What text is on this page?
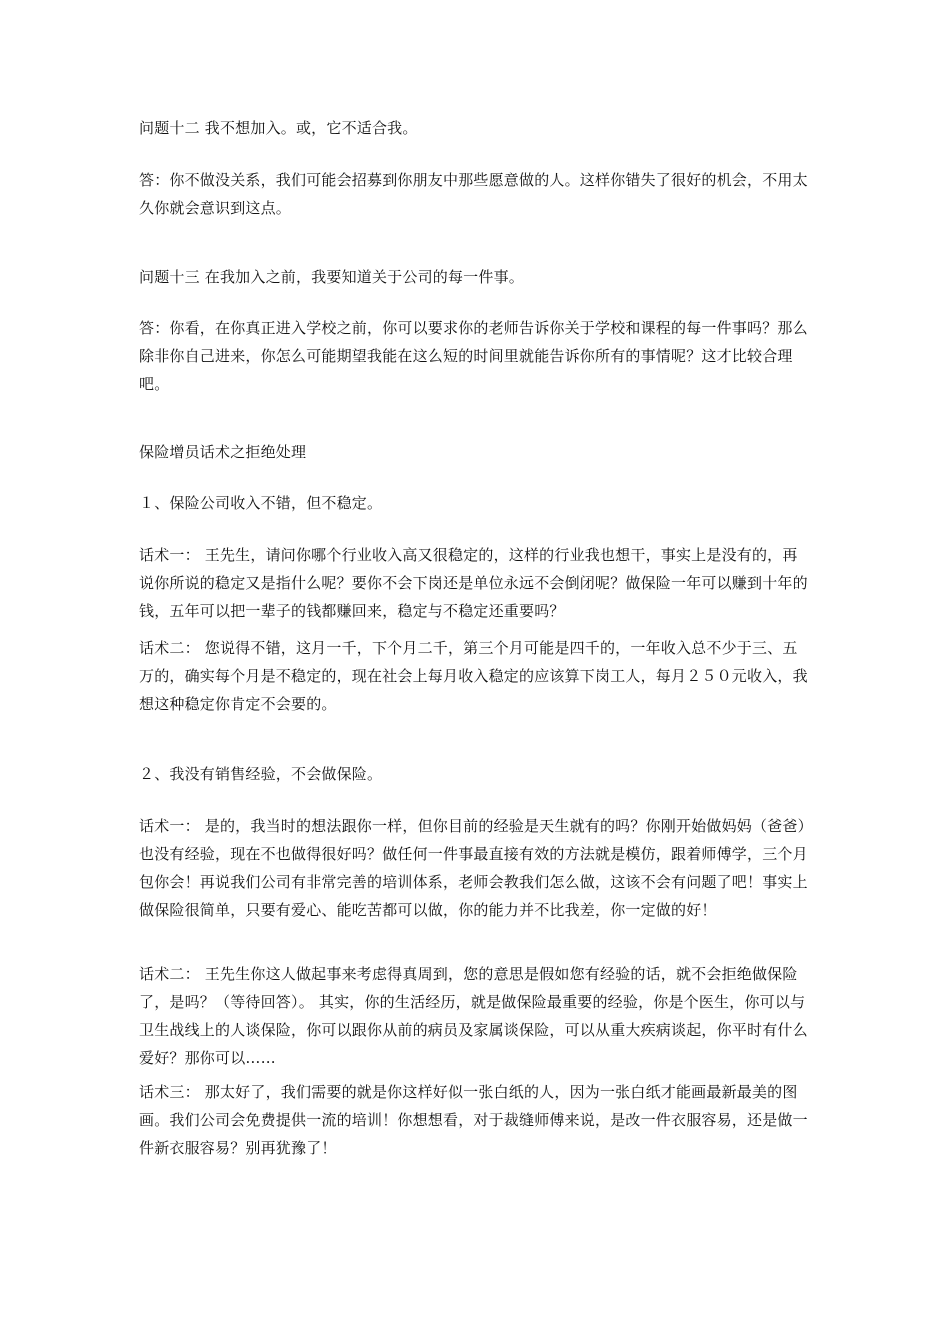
问题十二 我不想加入。或，它不适合我。
答：你不做没关系，我们可能会招募到你朋友中那些愿意做的人。这样你错失了很好的机会，不用太久你就会意识到这点。
问题十三 在我加入之前，我要知道关于公司的每一件事。
答：你看，在你真正进入学校之前，你可以要求你的老师告诉你关于学校和课程的每一件事吗？那么除非你自己进来，你怎么可能期望我能在这么短的时间里就能告诉你所有的事情呢？这才比较合理吧。
保险增员话术之拒绝处理
１、保险公司收入不错，但不稳定。
话术一： 王先生，请问你哪个行业收入高又很稳定的，这样的行业我也想干，事实上是没有的，再说你所说的稳定又是指什么呢？要你不会下岗还是单位永远不会倒闭呢？做保险一年可以赚到十年的钱，五年可以把一辈子的钱都赚回来，稳定与不稳定还重要吗？
话术二： 您说得不错，这月一千，下个月二千，第三个月可能是四千的，一年收入总不少于三、五万的，确实每个月是不稳定的，现在社会上每月收入稳定的应该算下岗工人，每月２５０元收入，我想这种稳定你肯定不会要的。
２、我没有销售经验，不会做保险。
话术一： 是的，我当时的想法跟你一样，但你目前的经验是天生就有的吗？你刚开始做妈妈（爸爸）也没有经验，现在不也做得很好吗？做任何一件事最直接有效的方法就是模仿，跟着师傅学，三个月包你会！再说我们公司有非常完善的培训体系，老师会教我们怎么做，这该不会有问题了吧！事实上做保险很简单，只要有爱心、能吃苦都可以做，你的能力并不比我差，你一定做的好！
话术二： 王先生你这人做起事来考虑得真周到，您的意思是假如您有经验的话，就不会拒绝做保险了，是吗？（等待回答）。 其实，你的生活经历，就是做保险最重要的经验，你是个医生，你可以与卫生战线上的人谈保险，你可以跟你从前的病员及家属谈保险，可以从重大疾病谈起，你平时有什么爱好？那你可以……
话术三： 那太好了，我们需要的就是你这样好似一张白纸的人，因为一张白纸才能画最新最美的图画。我们公司会免费提供一流的培训！你想想看，对于裁缝师傅来说，是改一件衣服容易，还是做一件新衣服容易？别再犹豫了！
